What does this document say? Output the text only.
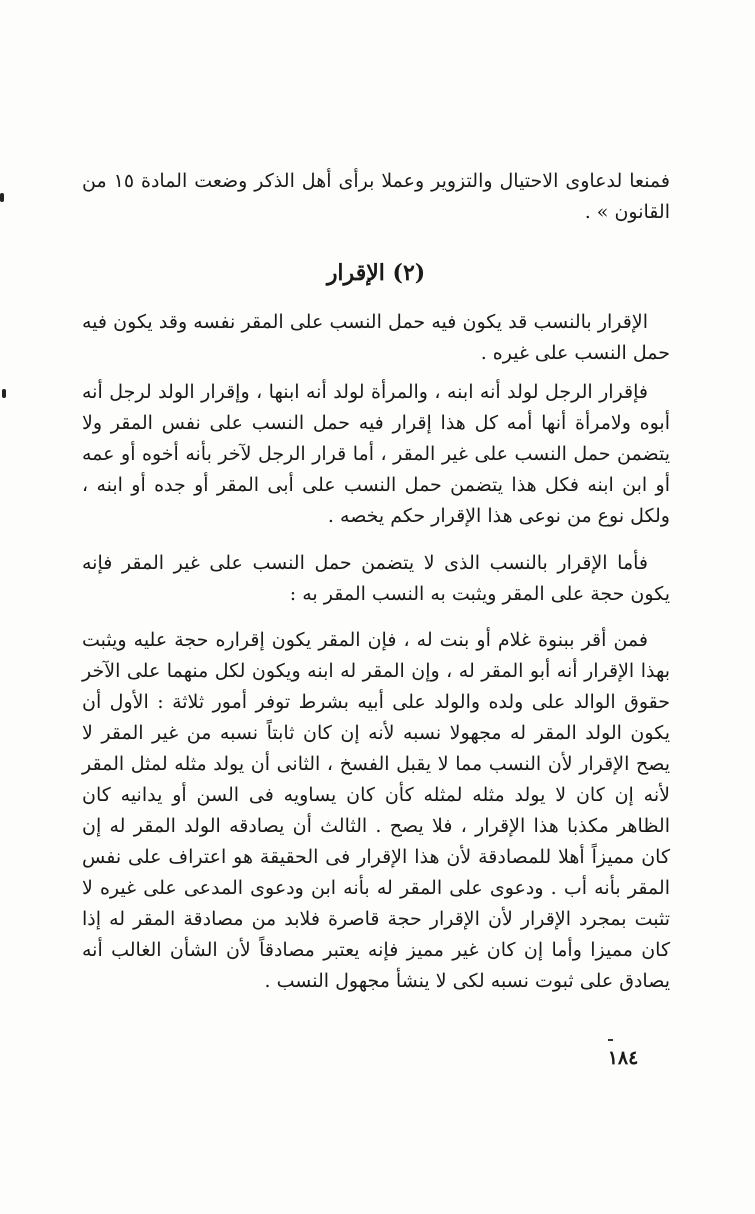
فمنعا لدعاوى الاحتيال والتزوير وعملا برأى أهل الذكر وضعت المادة ١٥ من القانون » .

(٢) الإقرار

الإقرار بالنسب قد يكون فيه حمل النسب على المقر نفسه وقد يكون فيه حمل النسب على غيره .

فإقرار الرجل لولد أنه ابنه ، والمرأة لولد أنه ابنها ، وإقرار الولد لرجل أنه أبوه ولامرأة أنها أمه كل هذا إقرار فيه حمل النسب على نفس المقر ولا يتضمن حمل النسب على غير المقر ، أما قرار الرجل لآخر بأنه أخوه أو عمه أو ابن ابنه فكل هذا يتضمن حمل النسب على أبى المقر أو جده أو ابنه ، ولكل نوع من نوعى هذا الإقرار حكم يخصه .

فأما الإقرار بالنسب الذى لا يتضمن حمل النسب على غير المقر فإنه يكون حجة على المقر ويثبت به النسب المقر به :

فمن أقر ببنوة غلام أو بنت له ، فإن المقر يكون إقراره حجة عليه ويثبت بهذا الإقرار أنه أبو المقر له ، وإن المقر له ابنه ويكون لكل منهما على الآخر حقوق الوالد على ولده والولد على أبيه بشرط توفر أمور ثلاثة : الأول أن يكون الولد المقر له مجهولا نسبه لأنه إن كان ثابتاً نسبه من غير المقر لا يصح الإقرار لأن النسب مما لا يقبل الفسخ ، الثانى أن يولد مثله لمثل المقر لأنه إن كان لا يولد مثله لمثله كأن كان يساويه فى السن أو يدانيه كان الظاهر مكذبا هذا الإقرار ، فلا يصح . الثالث أن يصادقه الولد المقر له إن كان مميزاً أهلا للمصادقة لأن هذا الإقرار فى الحقيقة هو اعتراف على نفس المقر بأنه أب . ودعوى على المقر له بأنه ابن ودعوى المدعى على غيره لا تثبت بمجرد الإقرار لأن الإقرار حجة قاصرة فلابد من مصادقة المقر له إذا كان مميزا وأما إن كان غير مميز فإنه يعتبر مصادقاً لأن الشأن الغالب أنه يصادق على ثبوت نسبه لكى لا ينشأ مجهول النسب .

١٨٤
